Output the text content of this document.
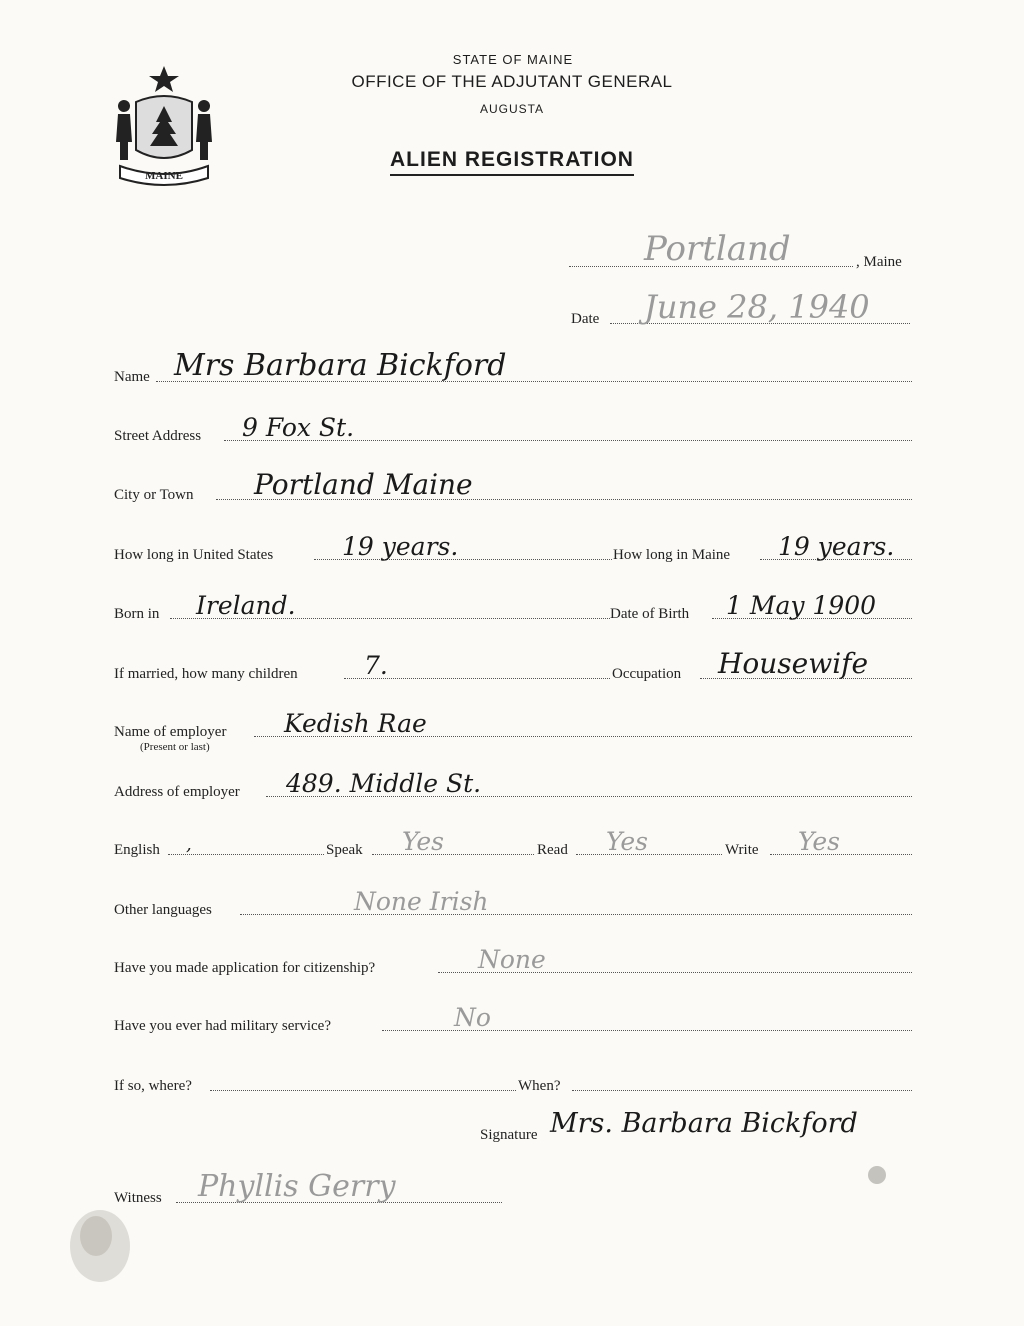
MAINE
STATE OF MAINE
OFFICE OF THE ADJUTANT GENERAL
AUGUSTA
ALIEN REGISTRATION
Portland	, Maine
Date June 28, 1940
Name Mrs Barbara Bickford
Street Address 9 Fox St.
City or Town Portland Maine
How long in United States	19 years.	How long in Maine 19 years.
Born in Ireland.	Date of Birth 1 May 1900
If married, how many children	7.	Occupation Housewife
Name of employer Kedish Rae
(Present or last)
Address of employer 489. Middle St.
English ,	Speak Yes	Read Yes	Write Yes
Other languages	None Irish
Have you made application for citizenship?	None
Have you ever had military service?	No
If so, where?	When?
Signature Mrs. Barbara Bickford
Witness Phyllis Gerry
